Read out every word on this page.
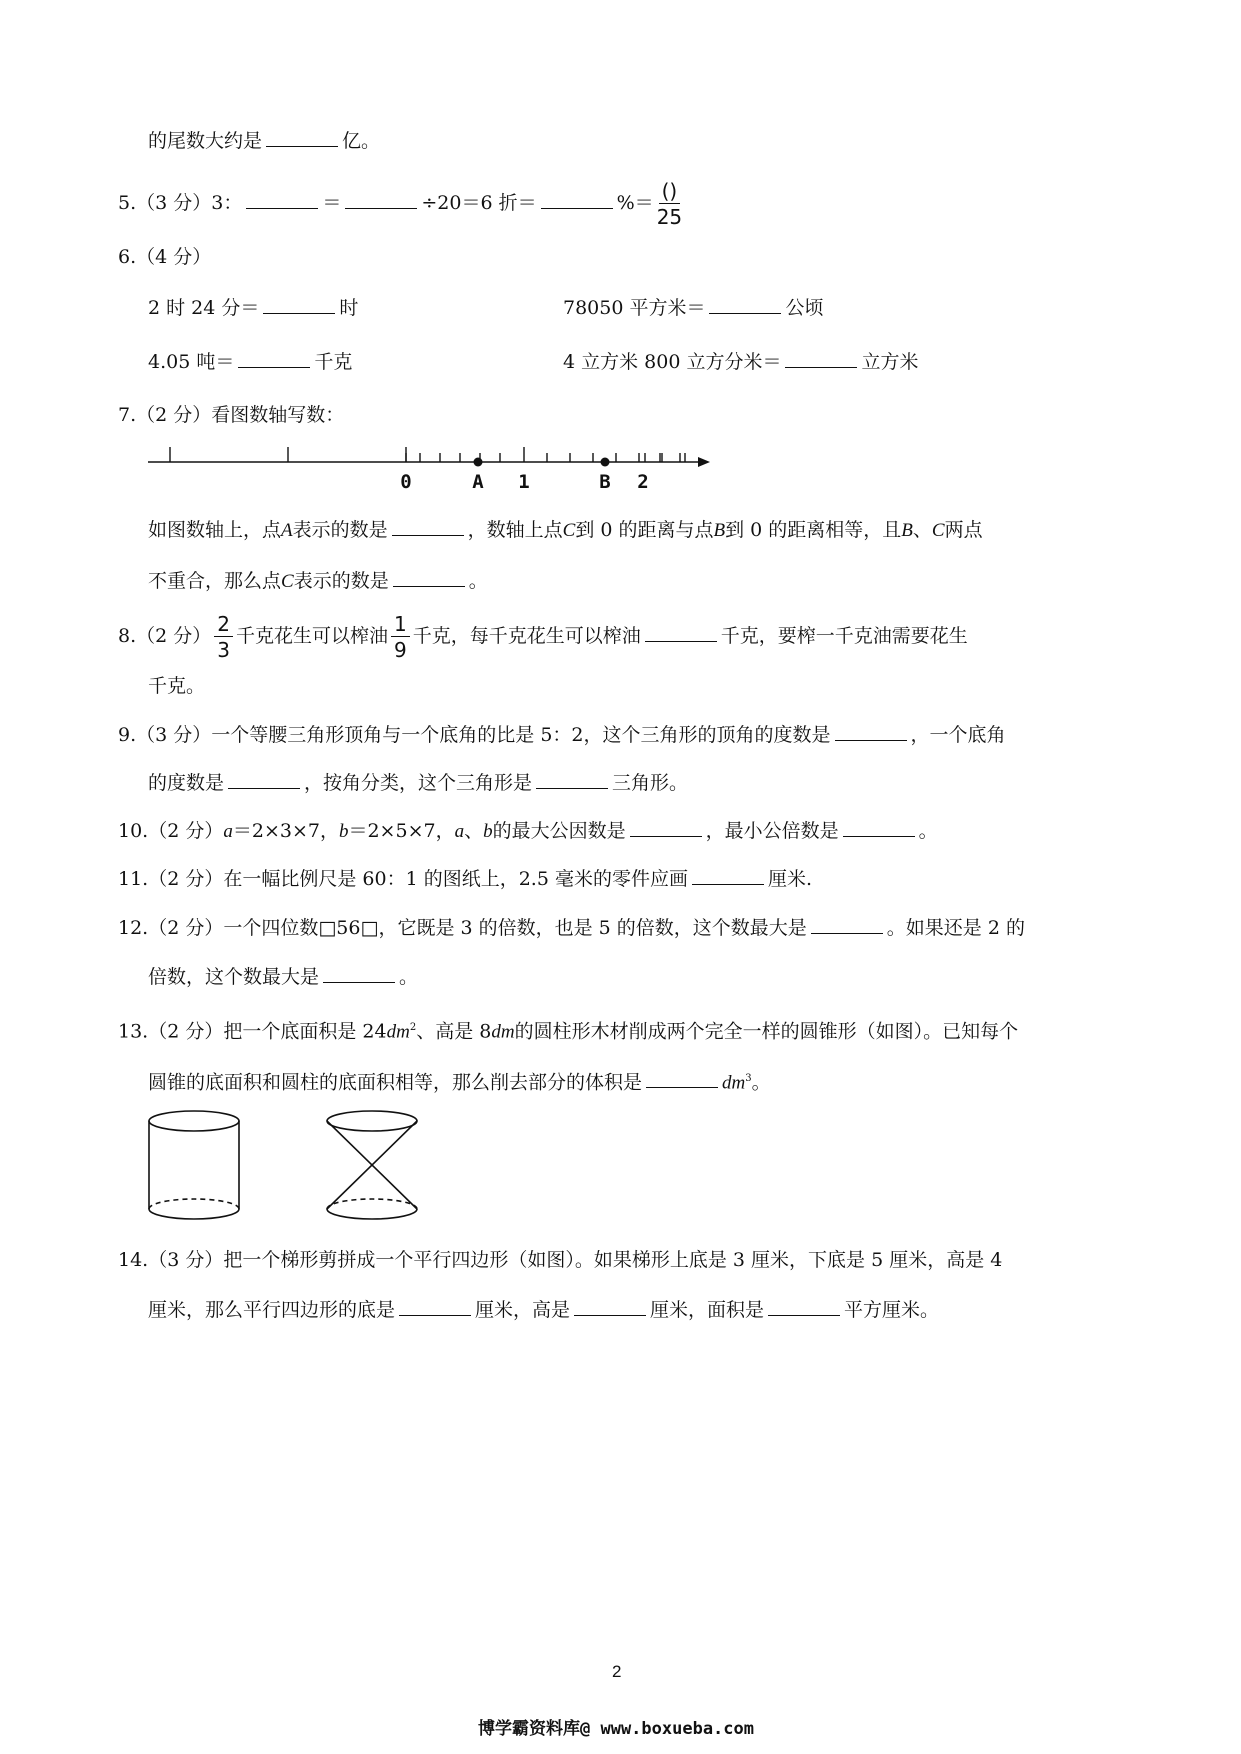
的尾数大约是	亿。
5.（3 分）3：	＝	÷20＝6 折＝	%＝ $\frac{()}{25}$
6.（4 分）
2 时 24 分＝	时	78050 平方米＝	公顷
4.05 吨＝	千克	4 立方米 800 立方分米＝	立方米
7.（2 分）看图数轴写数：
0	A 1	B 2
如图数轴上，点A表示的数是	，数轴上点C到 0 的距离与点B到 0 的距离相等，且B、C两点
不重合，那么点C表示的数是	。
8.（2 分） $\frac{2}{3}$ 千克花生可以榨油 $\frac{1}{9}$ 千克，每千克花生可以榨油	千克，要榨一千克油需要花生
千克。
9.（3 分）一个等腰三角形顶角与一个底角的比是 5：2，这个三角形的顶角的度数是	，一个底角
的度数是	，按角分类，这个三角形是	三角形。
10.（2 分）a＝2×3×7，b＝2×5×7，a、b的最大公因数是	，最小公倍数是	。
11.（2 分）在一幅比例尺是 60：1 的图纸上，2.5 毫米的零件应画	厘米.
12.（2 分）一个四位数□56□，它既是 3 的倍数，也是 5 的倍数，这个数最大是	。如果还是 2 的
倍数，这个数最大是	。
13.（2 分）把一个底面积是 $24dm^2$、高是 8dm的圆柱形木材削成两个完全一样的圆锥形（如图）。已知每个
圆锥的底面积和圆柱的底面积相等，那么削去部分的体积是	$dm^3$。
14.（3 分）把一个梯形剪拼成一个平行四边形（如图）。如果梯形上底是 3 厘米，下底是 5 厘米，高是 4
厘米，那么平行四边形的底是	厘米，高是	厘米，面积是	平方厘米。
2
博学霸资料库@ www.boxueba.com
